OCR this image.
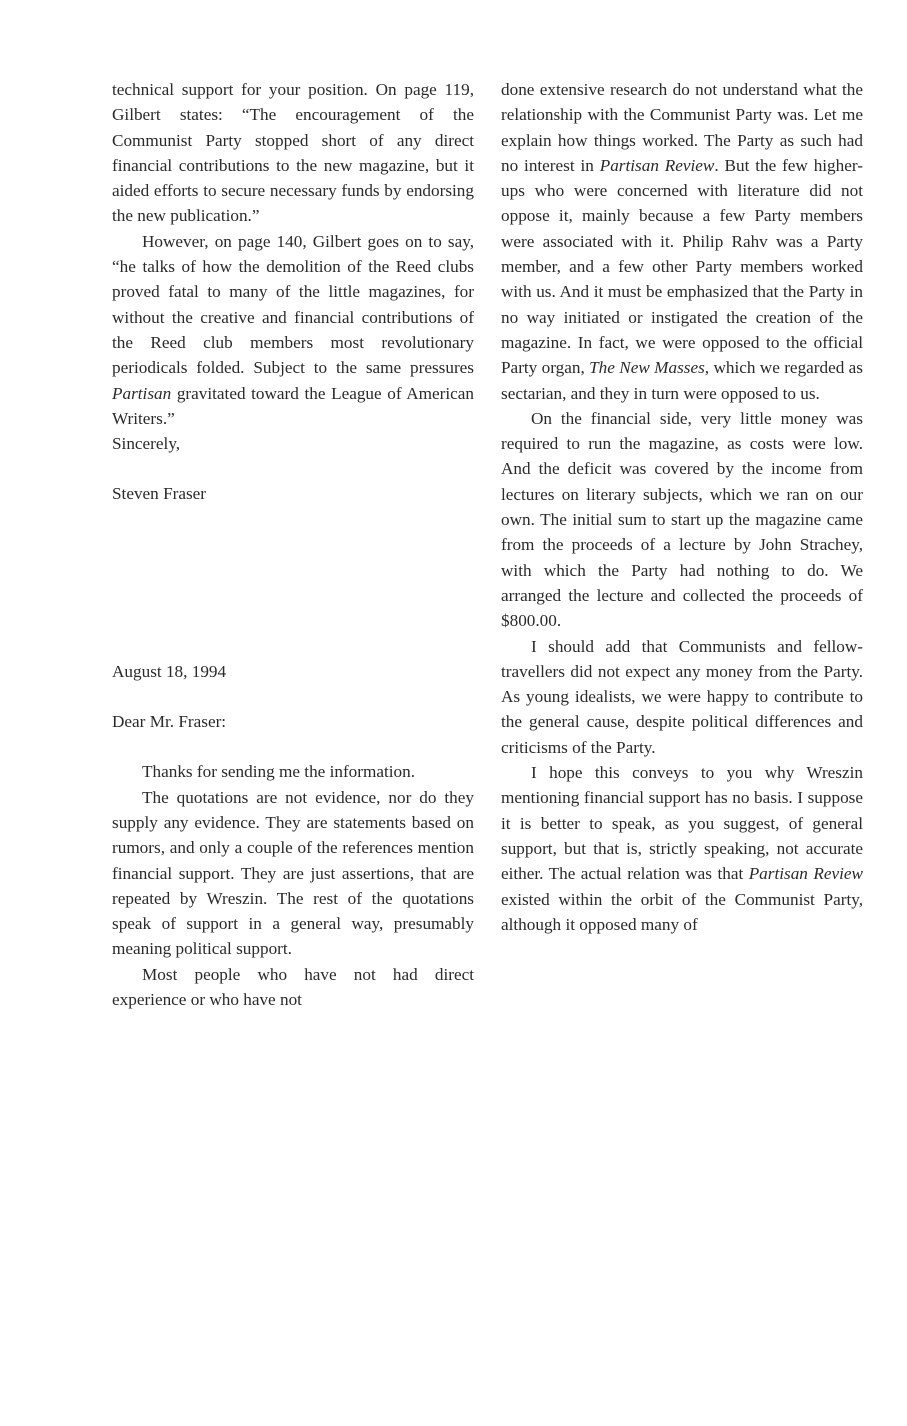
technical support for your position. On page 119, Gilbert states: “The encouragement of the Communist Party stopped short of any direct financial contributions to the new magazine, but it aided efforts to secure necessary funds by endorsing the new publication.”

However, on page 140, Gilbert goes on to say, “he talks of how the demolition of the Reed clubs proved fatal to many of the little magazines, for without the creative and financial contributions of the Reed club members most revolutionary periodicals folded. Subject to the same pressures Partisan gravitated toward the League of American Writers.”

Sincerely,

Steven Fraser

August 18, 1994

Dear Mr. Fraser:

Thanks for sending me the information.

The quotations are not evidence, nor do they supply any evidence. They are statements based on rumors, and only a couple of the references mention financial support. They are just assertions, that are repeated by Wreszin. The rest of the quotations speak of support in a general way, presumably meaning political support.

Most people who have not had direct experience or who have not

done extensive research do not understand what the relationship with the Communist Party was. Let me explain how things worked. The Party as such had no interest in Partisan Review. But the few higher-ups who were concerned with literature did not oppose it, mainly because a few Party members were associated with it. Philip Rahv was a Party member, and a few other Party members worked with us. And it must be emphasized that the Party in no way initiated or instigated the creation of the magazine. In fact, we were opposed to the official Party organ, The New Masses, which we regarded as sectarian, and they in turn were opposed to us.

On the financial side, very little money was required to run the magazine, as costs were low. And the deficit was covered by the income from lectures on literary subjects, which we ran on our own. The initial sum to start up the magazine came from the proceeds of a lecture by John Strachey, with which the Party had nothing to do. We arranged the lecture and collected the proceeds of $800.00.

I should add that Communists and fellow-travellers did not expect any money from the Party. As young idealists, we were happy to contribute to the general cause, despite political differences and criticisms of the Party.

I hope this conveys to you why Wreszin mentioning financial support has no basis. I suppose it is better to speak, as you suggest, of general support, but that is, strictly speaking, not accurate either. The actual relation was that Partisan Review existed within the orbit of the Communist Party, although it opposed many of
